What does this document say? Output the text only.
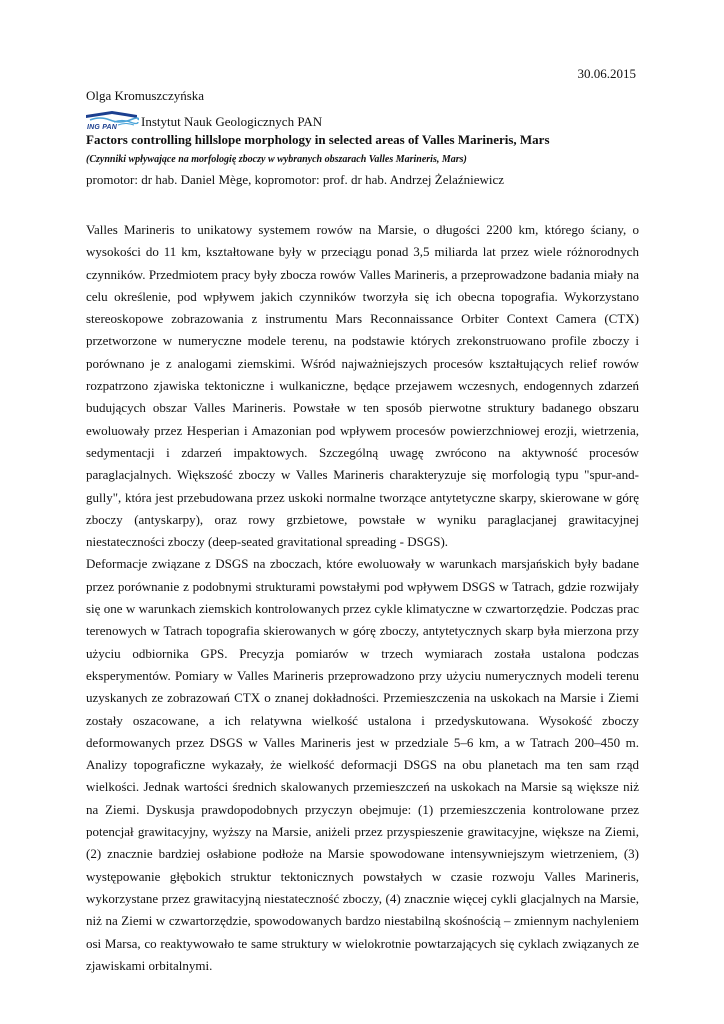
30.06.2015
Olga Kromuszczyńska
ING PAN Instytut Nauk Geologicznych PAN
Factors controlling hillslope morphology in selected areas of Valles Marineris, Mars
(Czynniki wpływające na morfologię zboczy w wybranych obszarach Valles Marineris, Mars)
promotor: dr hab. Daniel Mège, kopromotor: prof. dr hab. Andrzej Żelaźniewicz

Valles Marineris to unikatowy systemem rowów na Marsie, o długości 2200 km, którego ściany, o wysokości do 11 km, kształtowane były w przeciągu ponad 3,5 miliarda lat przez wiele różnorodnych czynników. Przedmiotem pracy były zbocza rowów Valles Marineris, a przeprowadzone badania miały na celu określenie, pod wpływem jakich czynników tworzyła się ich obecna topografia. Wykorzystano stereoskopowe zobrazowania z instrumentu Mars Reconnaissance Orbiter Context Camera (CTX) przetworzone w numeryczne modele terenu, na podstawie których zrekonstruowano profile zboczy i porównano je z analogami ziemskimi. Wśród najważniejszych procesów kształtujących relief rowów rozpatrzono zjawiska tektoniczne i wulkaniczne, będące przejawem wczesnych, endogennych zdarzeń budujących obszar Valles Marineris. Powstałe w ten sposób pierwotne struktury badanego obszaru ewoluowały przez Hesperian i Amazonian pod wpływem procesów powierzchniowej erozji, wietrzenia, sedymentacji i zdarzeń impaktowych. Szczególną uwagę zwrócono na aktywność procesów paraglacjalnych. Większość zboczy w Valles Marineris charakteryzuje się morfologią typu "spur-and-gully", która jest przebudowana przez uskoki normalne tworzące antytetyczne skarpy, skierowane w górę zboczy (antyskarpy), oraz rowy grzbietowe, powstałe w wyniku paraglacjanej grawitacyjnej niestateczności zboczy (deep-seated gravitational spreading - DSGS).

Deformacje związane z DSGS na zboczach, które ewoluowały w warunkach marsjańskich były badane przez porównanie z podobnymi strukturami powstałymi pod wpływem DSGS w Tatrach, gdzie rozwijały się one w warunkach ziemskich kontrolowanych przez cykle klimatyczne w czwartorzędzie. Podczas prac terenowych w Tatrach topografia skierowanych w górę zboczy, antytetycznych skarp była mierzona przy użyciu odbiornika GPS. Precyzja pomiarów w trzech wymiarach została ustalona podczas eksperymentów. Pomiary w Valles Marineris przeprowadzono przy użyciu numerycznych modeli terenu uzyskanych ze zobrazowań CTX o znanej dokładności. Przemieszczenia na uskokach na Marsie i Ziemi zostały oszacowane, a ich relatywna wielkość ustalona i przedyskutowana. Wysokość zboczy deformowanych przez DSGS w Valles Marineris jest w przedziale 5–6 km, a w Tatrach 200–450 m. Analizy topograficzne wykazały, że wielkość deformacji DSGS na obu planetach ma ten sam rząd wielkości. Jednak wartości średnich skalowanych przemieszczeń na uskokach na Marsie są większe niż na Ziemi. Dyskusja prawdopodobnych przyczyn obejmuje: (1) przemieszczenia kontrolowane przez potencjał grawitacyjny, wyższy na Marsie, aniżeli przez przyspieszenie grawitacyjne, większe na Ziemi, (2) znacznie bardziej osłabione podłoże na Marsie spowodowane intensywniejszym wietrzeniem, (3) występowanie głębokich struktur tektonicznych powstałych w czasie rozwoju Valles Marineris, wykorzystane przez grawitacyjną niestateczność zboczy, (4) znacznie więcej cykli glacjalnych na Marsie, niż na Ziemi w czwartorzędzie, spowodowanych bardzo niestabilną skośnością – zmiennym nachyleniem osi Marsa, co reaktywowało te same struktury w wielokrotnie powtarzających się cyklach związanych ze zjawiskami orbitalnymi.
